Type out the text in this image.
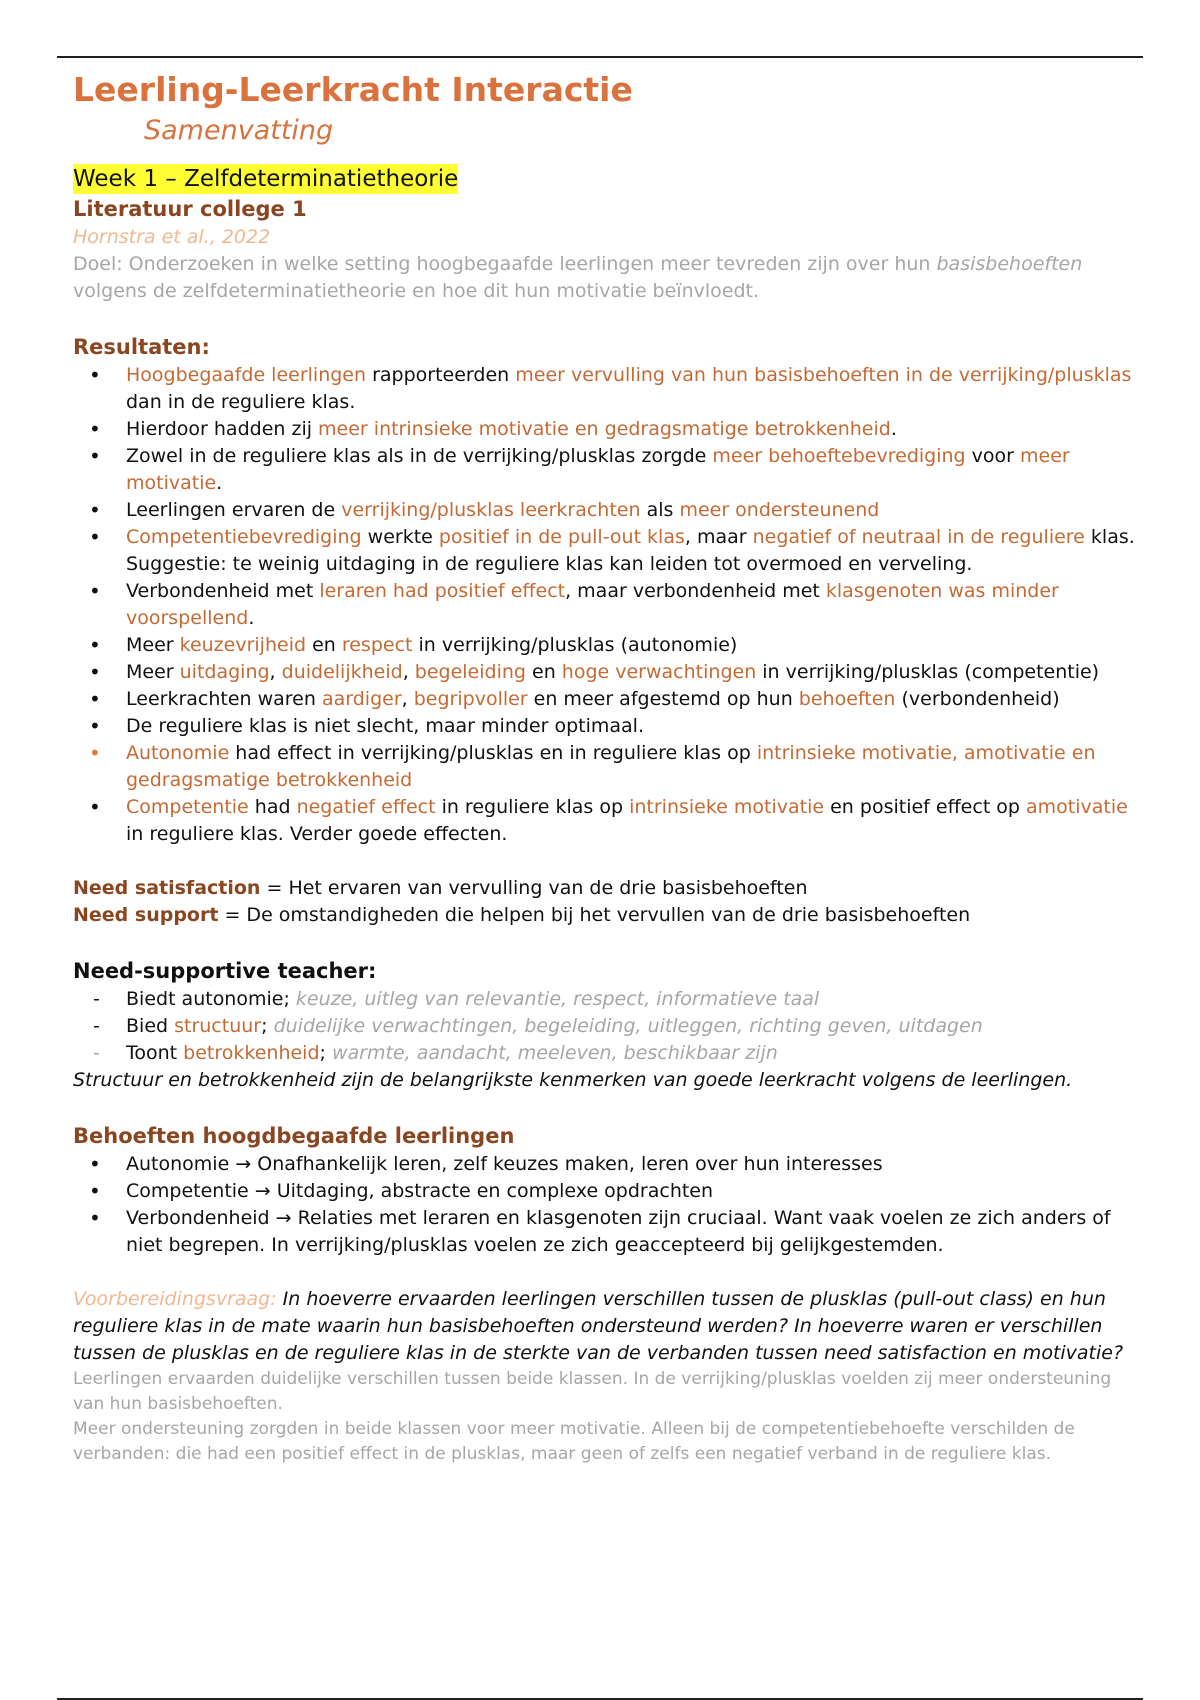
Leerling-Leerkracht Interactie
Samenvatting
Week 1 – Zelfdeterminatietheorie
Literatuur college 1
Hornstra et al., 2022
Doel: Onderzoeken in welke setting hoogbegaafde leerlingen meer tevreden zijn over hun basisbehoeften volgens de zelfdeterminatietheorie en hoe dit hun motivatie beïnvloedt.
Resultaten:
• Hoogbegaafde leerlingen rapporteerden meer vervulling van hun basisbehoeften in de verrijking/plusklas dan in de reguliere klas.
• Hierdoor hadden zij meer intrinsieke motivatie en gedragsmatige betrokkenheid.
• Zowel in de reguliere klas als in de verrijking/plusklas zorgde meer behoeftebevrediging voor meer motivatie.
• Leerlingen ervaren de verrijking/plusklas leerkrachten als meer ondersteunend
• Competentiebevrediging werkte positief in de pull-out klas, maar negatief of neutraal in de reguliere klas.
Suggestie: te weinig uitdaging in de reguliere klas kan leiden tot overmoed en verveling.
• Verbondenheid met leraren had positief effect, maar verbondenheid met klasgenoten was minder voorspellend.
• Meer keuzevrijheid en respect in verrijking/plusklas (autonomie)
• Meer uitdaging, duidelijkheid, begeleiding en hoge verwachtingen in verrijking/plusklas (competentie)
• Leerkrachten waren aardiger, begripvoller en meer afgestemd op hun behoeften (verbondenheid)
• De reguliere klas is niet slecht, maar minder optimaal.
• Autonomie had effect in verrijking/plusklas en in reguliere klas op intrinsieke motivatie, amotivatie en gedragsmatige betrokkenheid
• Competentie had negatief effect in reguliere klas op intrinsieke motivatie en positief effect op amotivatie in reguliere klas. Verder goede effecten.
Need satisfaction = Het ervaren van vervulling van de drie basisbehoeften
Need support = De omstandigheden die helpen bij het vervullen van de drie basisbehoeften
Need-supportive teacher:
- Biedt autonomie; keuze, uitleg van relevantie, respect, informatieve taal
- Bied structuur; duidelijke verwachtingen, begeleiding, uitleggen, richting geven, uitdagen
- Toont betrokkenheid; warmte, aandacht, meeleven, beschikbaar zijn
Structuur en betrokkenheid zijn de belangrijkste kenmerken van goede leerkracht volgens de leerlingen.
Behoeften hoogdbegaafde leerlingen
• Autonomie → Onafhankelijk leren, zelf keuzes maken, leren over hun interesses
• Competentie → Uitdaging, abstracte en complexe opdrachten
• Verbondenheid → Relaties met leraren en klasgenoten zijn cruciaal. Want vaak voelen ze zich anders of niet begrepen. In verrijking/plusklas voelen ze zich geaccepteerd bij gelijkgestemden.
Voorbereidingsvraag: In hoeverre ervaarden leerlingen verschillen tussen de plusklas (pull-out class) en hun reguliere klas in de mate waarin hun basisbehoeften ondersteund werden? In hoeverre waren er verschillen tussen de plusklas en de reguliere klas in de sterkte van de verbanden tussen need satisfaction en motivatie?
Leerlingen ervaarden duidelijke verschillen tussen beide klassen. In de verrijking/plusklas voelden zij meer ondersteuning van hun basisbehoeften.
Meer ondersteuning zorgden in beide klassen voor meer motivatie. Alleen bij de competentiebehoefte verschilden de verbanden: die had een positief effect in de plusklas, maar geen of zelfs een negatief verband in de reguliere klas.
